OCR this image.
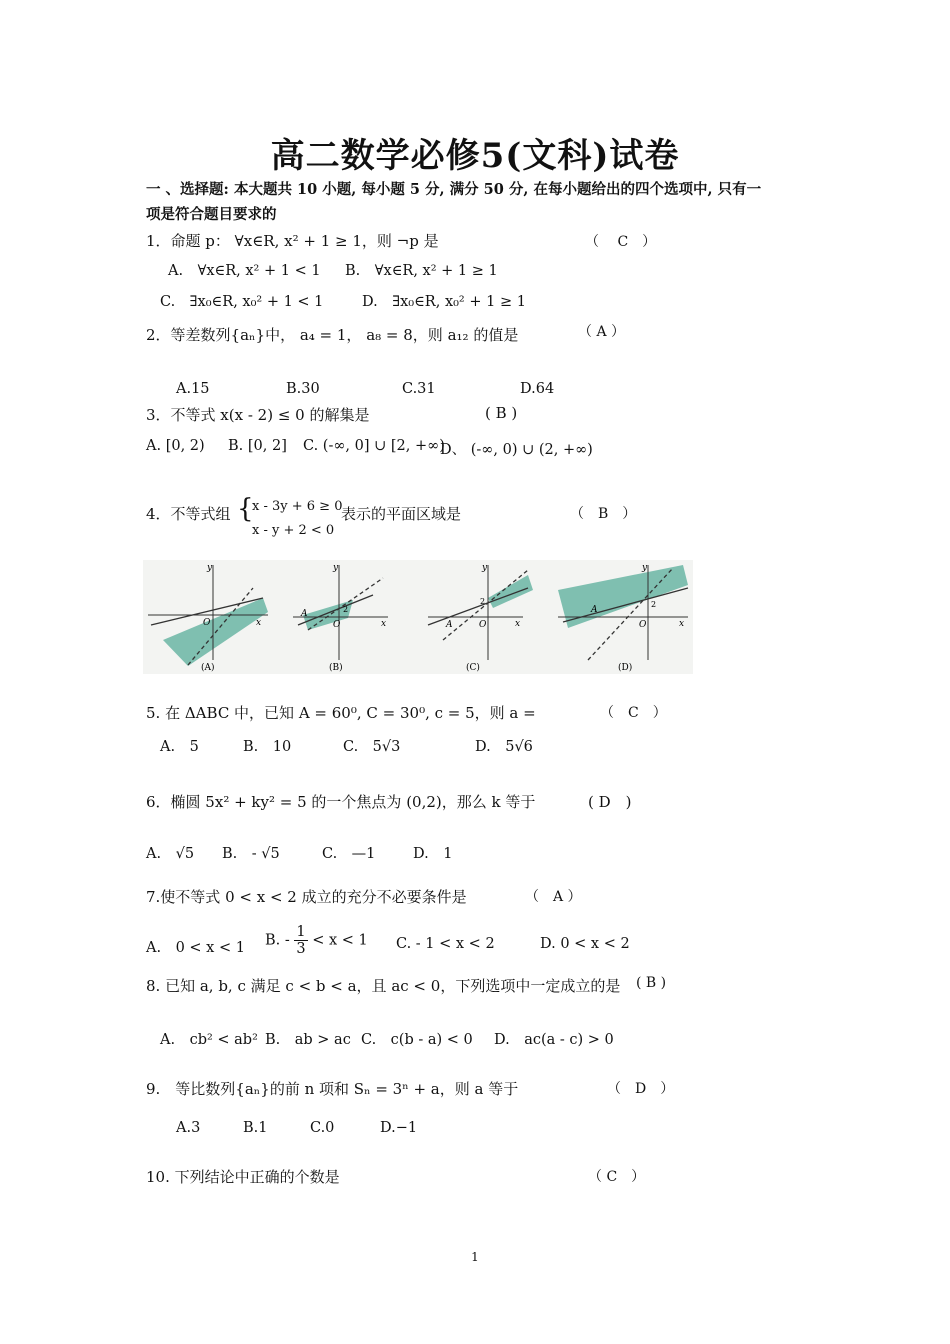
高二数学必修5(文科)试卷
一 、选择题: 本大题共 10 小题, 每小题 5 分, 满分 50 分, 在每小题给出的四个选项中, 只有一
项是符合题目要求的
1．命题 p： ∀x∈R, x² + 1 ≥ 1，则 ¬p 是	（　 C　）
A.　∀x∈R, x² + 1 < 1 B.　∀x∈R, x² + 1 ≥ 1
C.　∃x₀∈R, x₀² + 1 < 1	D.　∃x₀∈R, x₀² + 1 ≥ 1
2．等差数列{aₙ}中， a₄ = 1， a₈ = 8，则 a₁₂ 的值是	（ A ）
A.15	B.30	C.31	D.64
3．不等式 x(x - 2) ≤ 0 的解集是	( B )
A. [0, 2) B. [0, 2] C. (-∞, 0] ∪ [2, +∞)
D、 (-∞, 0) ∪ (2, +∞)
4．不等式组 {
x - 3y + 6 ≥ 0
x - y + 2 < 0
表示的平面区域是	（　B　）
y
x
O
(A)
y
x
O
2
A
(B)
y
x
O
2
A
(C)
y
x
O
2
A
(D)
5. 在 ΔABC 中，已知 A = 60⁰, C = 30⁰, c = 5，则 a =	（　C　）
A.　5	B.　10	C.　5√3	D.　5√6
6．椭圆 5x² + ky² = 5 的一个焦点为 (0,2)，那么 k 等于	( D　)
A.　√5 B.　- √5	C.　—1	D.　1
7.使不等式 0 < x < 2 成立的充分不必要条件是	（　A ）
A.　0 < x < 1 B. - $\frac{1}{3} < x < 1$ C. - 1 < x < 2	D. 0 < x < 2
8. 已知 a, b, c 满足 c < b < a，且 ac < 0，下列选项中一定成立的是 ( B )
A.　cb² < ab² B.　ab > ac C.　c(b - a) < 0 D.　ac(a - c) > 0
9.　等比数列{aₙ}的前 n 项和 Sₙ = 3ⁿ + a，则 a 等于	（　D　）
A.3	B.1	C.0	D.−1
10. 下列结论中正确的个数是	（ C　）
1
